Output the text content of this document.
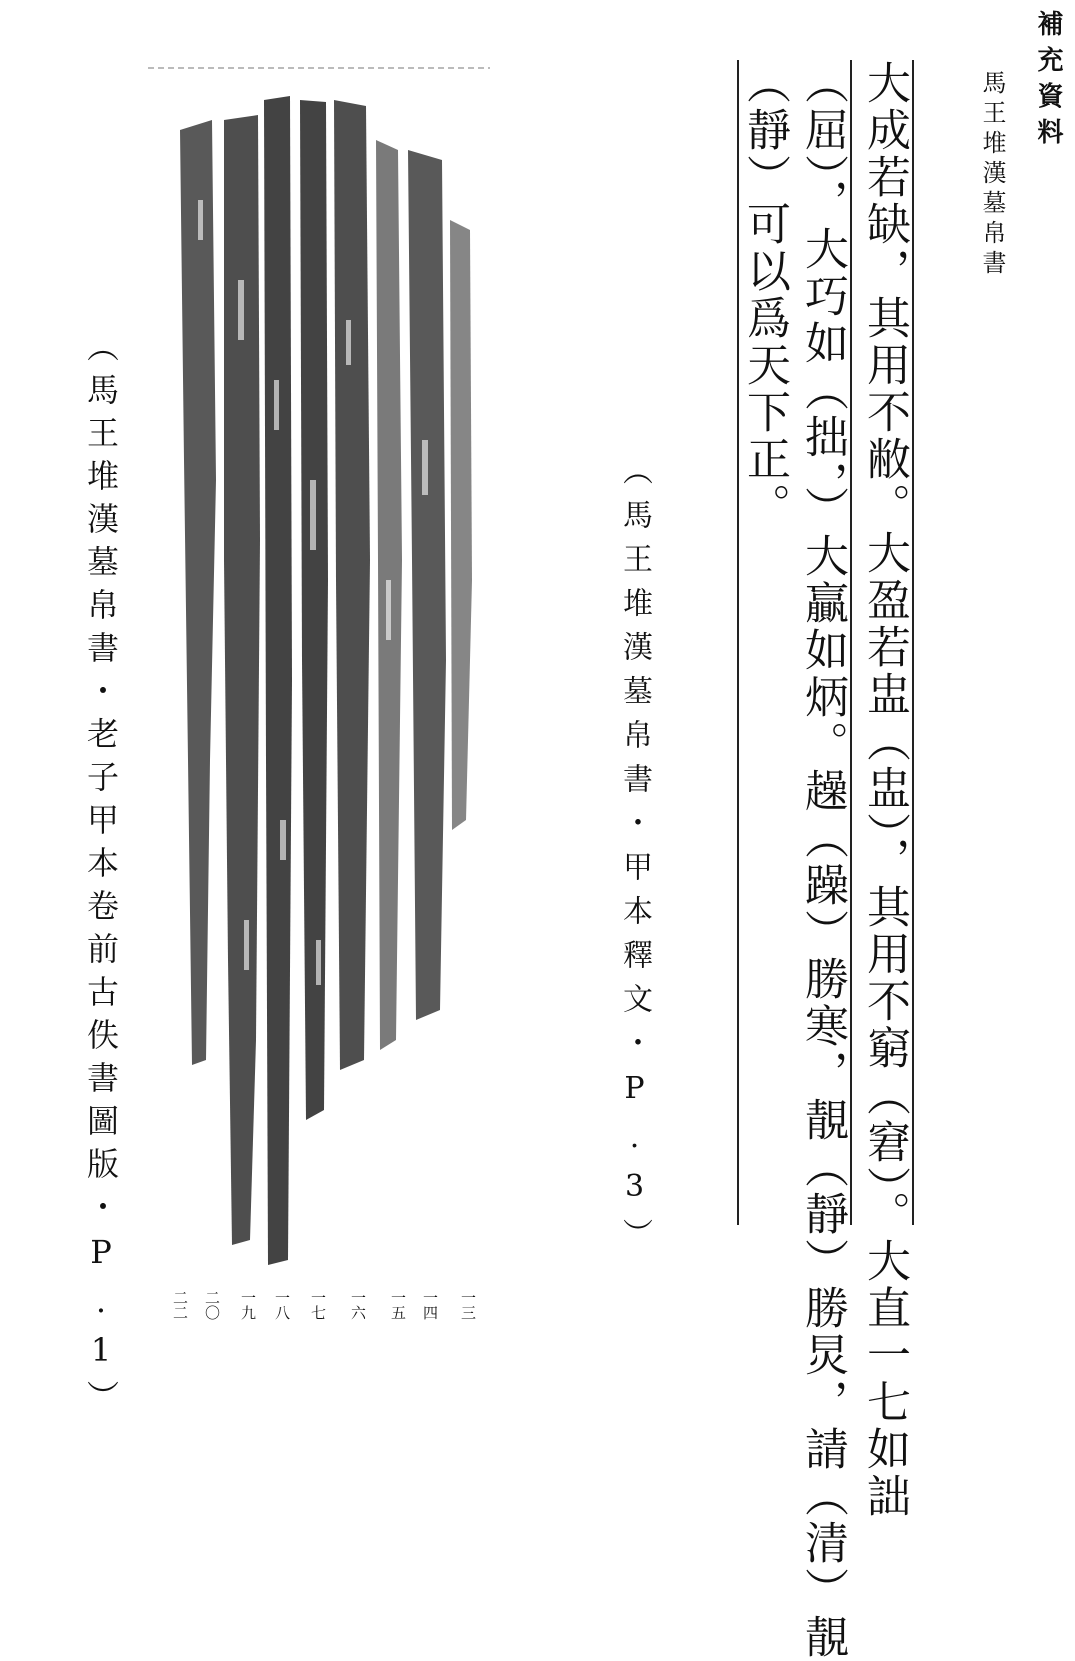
補充資料
馬王堆漢墓帛書
大成若缺，其用不敝。大盈若盅（盅），其用不窮（窘）。大直⼀七如詘
（屈），大巧如（拙，）大贏如炳。趮（躁）勝寒，靚（靜）勝炅，請（清）靚
（靜）可以爲天下正。
（馬王堆漢墓帛書・甲本釋文・P.3）
（馬王堆漢墓帛書・老子甲本卷前古佚書圖版・P.1）	二二 二〇 一九 一八 一七 一六 一五 一四 一三
